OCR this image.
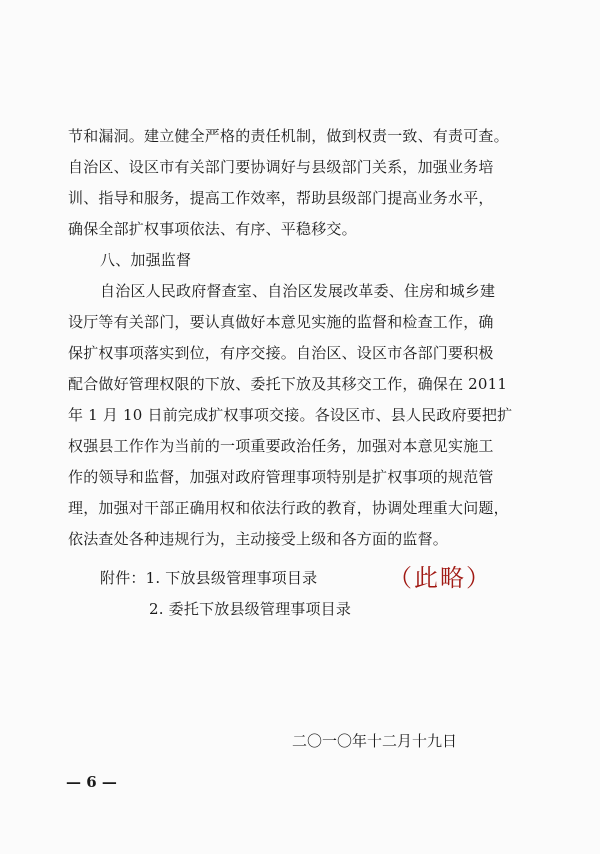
节和漏洞。建立健全严格的责任机制，做到权责一致、有责可查。
自治区、设区市有关部门要协调好与县级部门关系，加强业务培
训、指导和服务，提高工作效率，帮助县级部门提高业务水平，
确保全部扩权事项依法、有序、平稳移交。
八、加强监督
自治区人民政府督查室、自治区发展改革委、住房和城乡建
设厅等有关部门，要认真做好本意见实施的监督和检查工作，确
保扩权事项落实到位，有序交接。自治区、设区市各部门要积极
配合做好管理权限的下放、委托下放及其移交工作，确保在 2011
年 1 月 10 日前完成扩权事项交接。各设区市、县人民政府要把扩
权强县工作作为当前的一项重要政治任务，加强对本意见实施工
作的领导和监督，加强对政府管理事项特别是扩权事项的规范管
理，加强对干部正确用权和依法行政的教育，协调处理重大问题，
依法查处各种违规行为，主动接受上级和各方面的监督。
附件：1. 下放县级管理事项目录
2. 委托下放县级管理事项目录
（此略）
二〇一〇年十二月十九日
— 6 —
